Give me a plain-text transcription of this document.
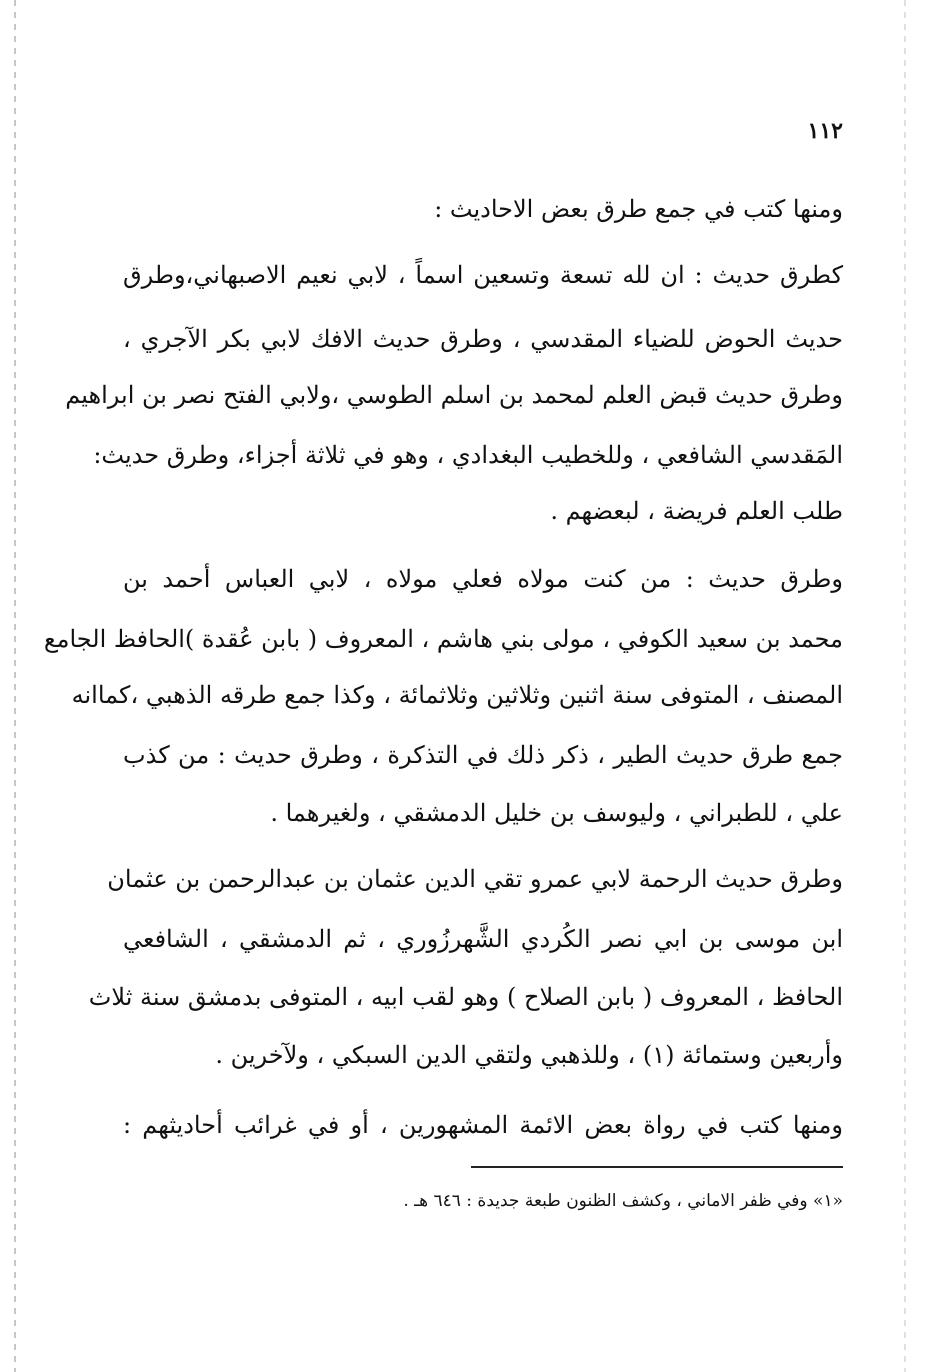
١١٢
ومنها كتب في جمع طرق بعض الاحاديث :
كطرق حديث : ان لله تسعة وتسعين اسماً ، لابي نعيم الاصبهاني،وطرق
حديث الحوض للضياء المقدسي ، وطرق حديث الافك لابي بكر الآجري ،
وطرق حديث قبض العلم لمحمد بن اسلم الطوسي ،ولابي الفتح نصر بن ابراهيم
المَقدسي الشافعي ، وللخطيب البغدادي ، وهو في ثلاثة أجزاء، وطرق حديث:
طلب العلم فريضة ، لبعضهم .
وطرق حديث : من كنت مولاه فعلي مولاه ، لابي العباس أحمد بن
محمد بن سعيد الكوفي ، مولى بني هاشم ، المعروف ( بابن عُقدة )الحافظ الجامع
المصنف ، المتوفى سنة اثنين وثلاثين وثلاثمائة ، وكذا جمع طرقه الذهبي ،كماانه
جمع طرق حديث الطير ، ذكر ذلك في التذكرة ، وطرق حديث : من كذب
علي ، للطبراني ، وليوسف بن خليل الدمشقي ، ولغيرهما .
وطرق حديث الرحمة لابي عمرو تقي الدين عثمان بن عبدالرحمن بن عثمان
ابن موسى بن ابي نصر الكُردي الشَّهرزُوري ، ثم الدمشقي ، الشافعي
الحافظ ، المعروف ( بابن الصلاح ) وهو لقب ابيه ، المتوفى بدمشق سنة ثلاث
وأربعين وستمائة (١) ، وللذهبي ولتقي الدين السبكي ، ولآخرين .
ومنها كتب في رواة بعض الائمة المشهورين ، أو في غرائب أحاديثهم :
«١» وفي ظفر الاماني ، وكشف الظنون طبعة جديدة : ٦٤٦ هـ .
